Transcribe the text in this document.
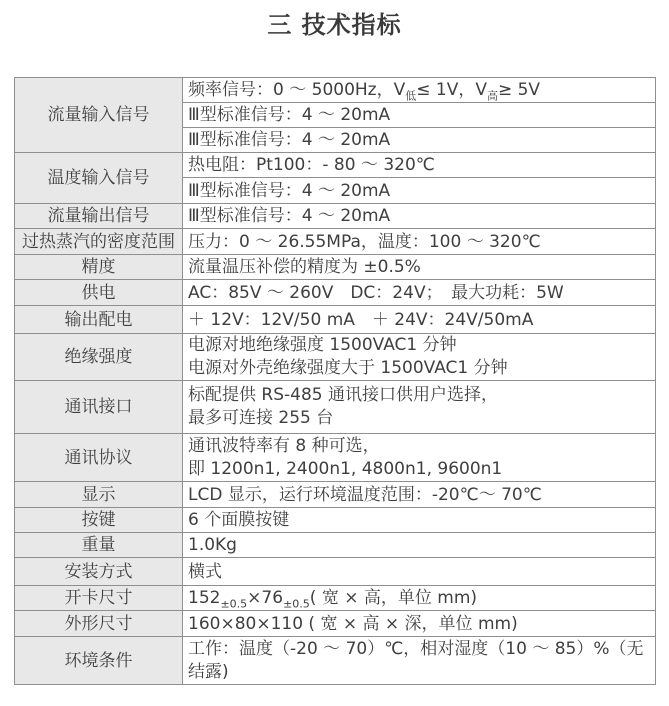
三 技术指标
流量输入信号	频率信号：0 ～ 5000Hz，$V_低\le 1V$，$V_高\ge 5V$
	Ⅲ型标准信号：4 ～ 20mA
	Ⅲ型标准信号：4 ～ 20mA
温度输入信号	热电阻：Pt100：- 80 ～ 320℃
	Ⅲ型标准信号：4 ～ 20mA
流量输出信号	Ⅲ型标准信号：4 ～ 20mA
过热蒸汽的密度范围	压力：0 ～ 26.55MPa，温度：100 ～ 320℃
精度	流量温压补偿的精度为 ±0.5%
供电	AC：85V ～ 260V　DC：24V；　最大功耗：5W
输出配电	＋ 12V：12V/50 mA　＋ 24V：24V/50mA
绝缘强度	电源对地绝缘强度 1500VAC1 分钟
电源对外壳绝缘强度大于 1500VAC1 分钟

通讯接口	标配提供 RS-485 通讯接口供用户选择，
最多可连接 255 台

通讯协议	通讯波特率有 8 种可选，
即 1200n1, 2400n1, 4800n1, 9600n1

显示	LCD 显示，运行环境温度范围：-20℃～ 70℃
按键	6 个面膜按键
重量	1.0Kg
安装方式	横式
开卡尺寸	$152_{\pm 0.5}\times 76_{\pm 0.5}$( 宽 × 高，单位 mm)
外形尺寸	160×80×110 ( 宽 × 高 × 深，单位 mm)
环境条件	工作：温度（-20 ～ 70）℃，相对湿度（10 ～ 85）%（无
结露)
